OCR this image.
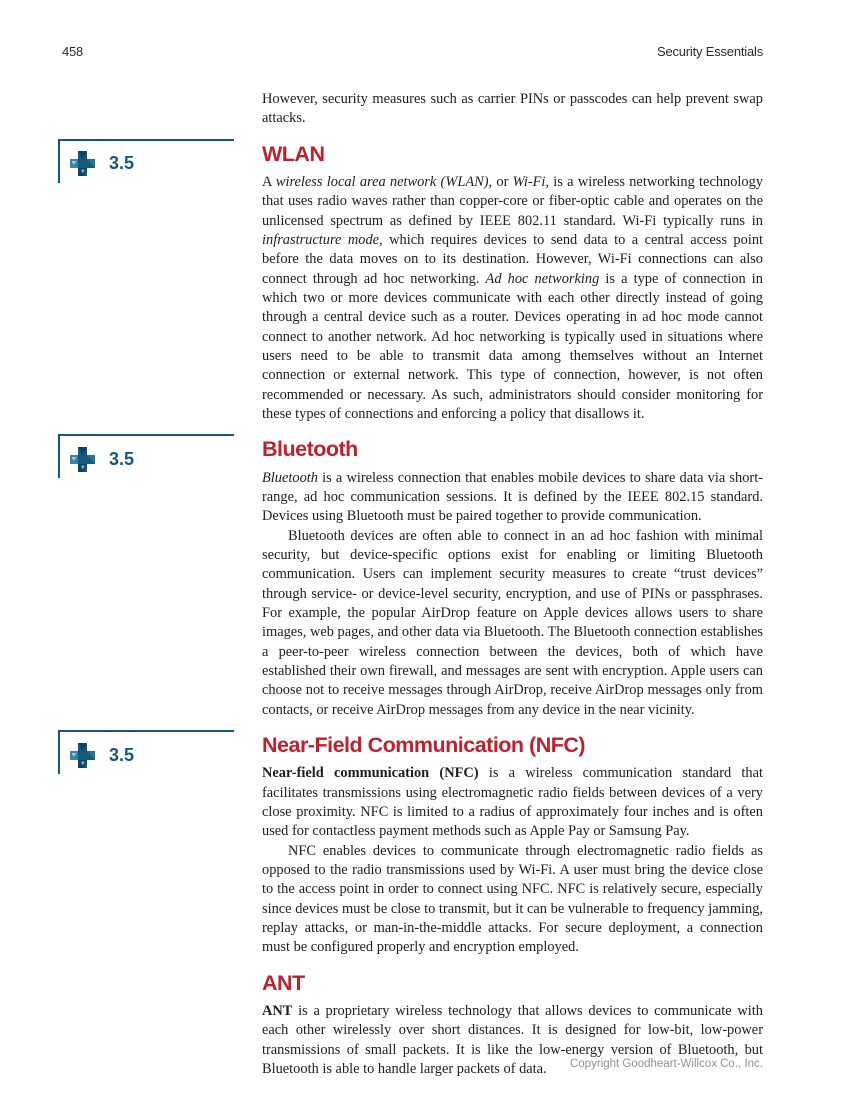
458	Security Essentials

However, security measures such as carrier PINs or passcodes can help prevent swap attacks.

3.5	WLAN

A wireless local area network (WLAN), or Wi-Fi, is a wireless networking technology that uses radio waves rather than copper-core or fiber-optic cable and operates on the unlicensed spectrum as defined by IEEE 802.11 standard. Wi-Fi typically runs in infrastructure mode, which requires devices to send data to a central access point before the data moves on to its destination. However, Wi-Fi connections can also connect through ad hoc networking. Ad hoc networking is a type of connection in which two or more devices communicate with each other directly instead of going through a central device such as a router. Devices operating in ad hoc mode cannot connect to another network. Ad hoc networking is typically used in situations where users need to be able to transmit data among themselves without an Internet connection or external network. This type of connection, however, is not often recommended or necessary. As such, administrators should consider monitoring for these types of connections and enforcing a policy that disallows it.

3.5	Bluetooth

Bluetooth is a wireless connection that enables mobile devices to share data via short-range, ad hoc communication sessions. It is defined by the IEEE 802.15 standard. Devices using Bluetooth must be paired together to provide communication.

Bluetooth devices are often able to connect in an ad hoc fashion with minimal security, but device-specific options exist for enabling or limiting Bluetooth communication. Users can implement security measures to create “trust devices” through service- or device-level security, encryption, and use of PINs or passphrases. For example, the popular AirDrop feature on Apple devices allows users to share images, web pages, and other data via Bluetooth. The Bluetooth connection establishes a peer-to-peer wireless connection between the devices, both of which have established their own firewall, and messages are sent with encryption. Apple users can choose not to receive messages through AirDrop, receive AirDrop messages only from contacts, or receive AirDrop messages from any device in the near vicinity.

3.5	Near-Field Communication (NFC)

Near-field communication (NFC) is a wireless communication standard that facilitates transmissions using electromagnetic radio fields between devices of a very close proximity. NFC is limited to a radius of approximately four inches and is often used for contactless payment methods such as Apple Pay or Samsung Pay.

NFC enables devices to communicate through electromagnetic radio fields as opposed to the radio transmissions used by Wi-Fi. A user must bring the device close to the access point in order to connect using NFC. NFC is relatively secure, especially since devices must be close to transmit, but it can be vulnerable to frequency jamming, replay attacks, or man-in-the-middle attacks. For secure deployment, a connection must be configured properly and encryption employed.

ANT

ANT is a proprietary wireless technology that allows devices to communicate with each other wirelessly over short distances. It is designed for low-bit, low-power transmissions of small packets. It is like the low-energy version of Bluetooth, but Bluetooth is able to handle larger packets of data.	Copyright Goodheart-Willcox Co., Inc.
